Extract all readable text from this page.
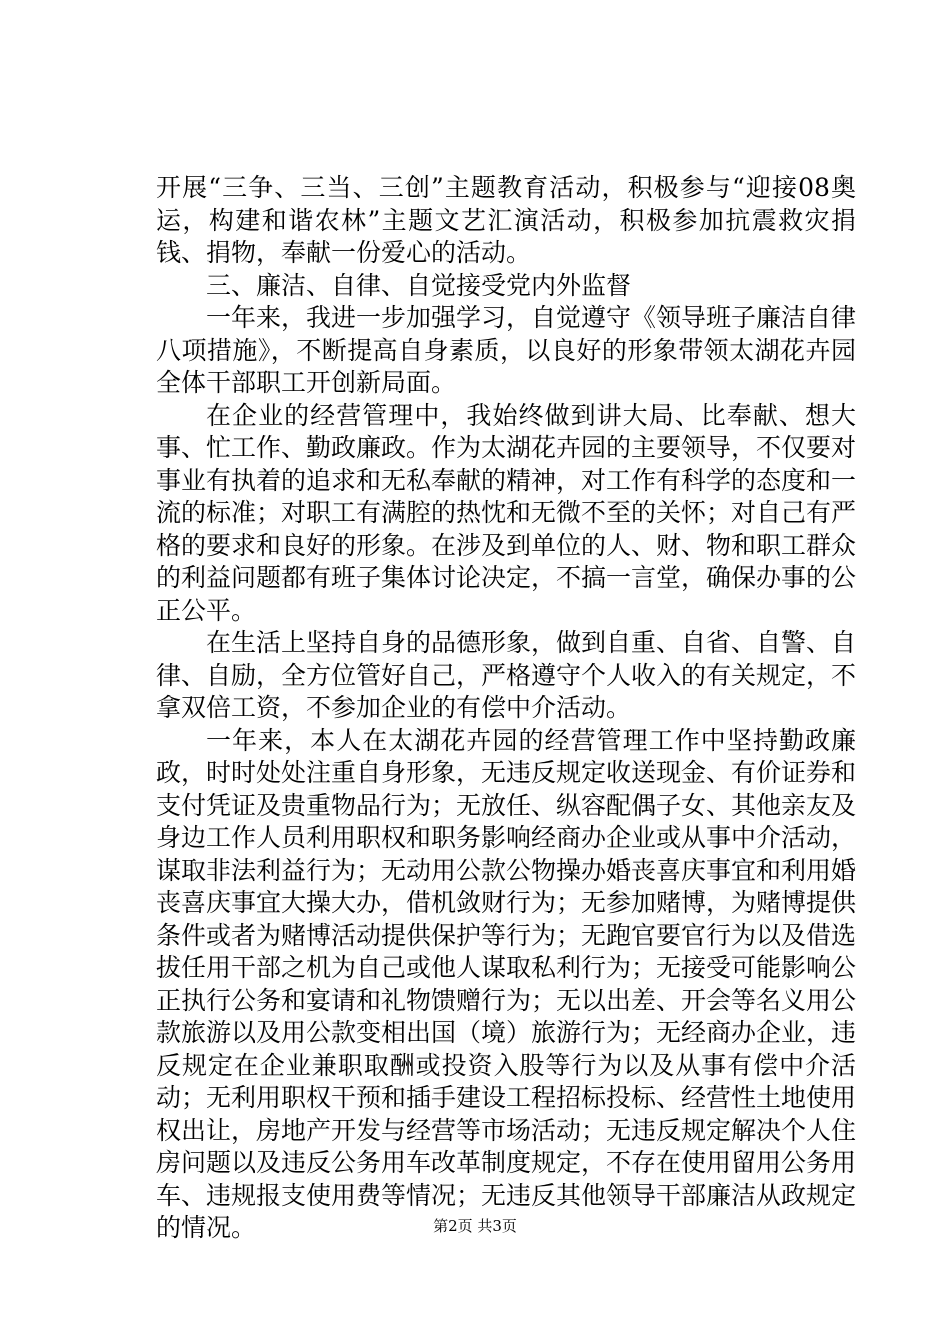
开展“三争、三当、三创”主题教育活动，积极参与“迎接08奥运，构建和谐农林”主题文艺汇演活动，积极参加抗震救灾捐钱、捐物，奉献一份爱心的活动。

三、廉洁、自律、自觉接受党内外监督

一年来，我进一步加强学习，自觉遵守《领导班子廉洁自律八项措施》，不断提高自身素质，以良好的形象带领太湖花卉园全体干部职工开创新局面。

在企业的经营管理中，我始终做到讲大局、比奉献、想大事、忙工作、勤政廉政。作为太湖花卉园的主要领导，不仅要对事业有执着的追求和无私奉献的精神，对工作有科学的态度和一流的标准；对职工有满腔的热忱和无微不至的关怀；对自己有严格的要求和良好的形象。在涉及到单位的人、财、物和职工群众的利益问题都有班子集体讨论决定，不搞一言堂，确保办事的公正公平。

在生活上坚持自身的品德形象，做到自重、自省、自警、自律、自励，全方位管好自己，严格遵守个人收入的有关规定，不拿双倍工资，不参加企业的有偿中介活动。

一年来，本人在太湖花卉园的经营管理工作中坚持勤政廉政，时时处处注重自身形象，无违反规定收送现金、有价证券和支付凭证及贵重物品行为；无放任、纵容配偶子女、其他亲友及身边工作人员利用职权和职务影响经商办企业或从事中介活动，谋取非法利益行为；无动用公款公物操办婚丧喜庆事宜和利用婚丧喜庆事宜大操大办，借机敛财行为；无参加赌博，为赌博提供条件或者为赌博活动提供保护等行为；无跑官要官行为以及借选拔任用干部之机为自己或他人谋取私利行为；无接受可能影响公正执行公务和宴请和礼物馈赠行为；无以出差、开会等名义用公款旅游以及用公款变相出国（境）旅游行为；无经商办企业，违反规定在企业兼职取酬或投资入股等行为以及从事有偿中介活动；无利用职权干预和插手建设工程招标投标、经营性土地使用权出让，房地产开发与经营等市场活动；无违反规定解决个人住房问题以及违反公务用车改革制度规定，不存在使用留用公务用车、违规报支使用费等情况；无违反其他领导干部廉洁从政规定的情况。	第2页 共3页
